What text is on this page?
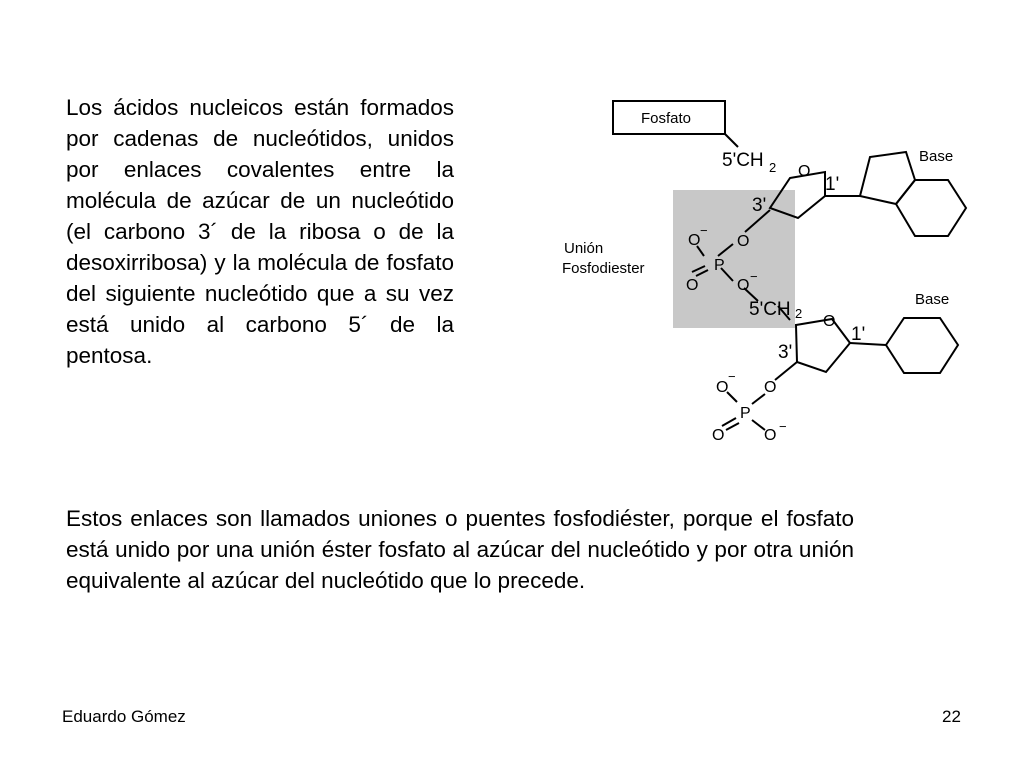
Los ácidos nucleicos están formados por cadenas de nucleótidos, unidos por enlaces covalentes entre la molécula de azúcar de un nucleótido (el carbono 3´ de la ribosa o de la desoxirribosa) y la molécula de fosfato del siguiente nucleótido que a su vez está unido al carbono 5´ de la pentosa.

Fosfato
5'CH 2 O
1'
Base
3'
Unión
Fosfodiester
O
−
O
P
O O
−
5'CH 2 O
1'
Base
3'
O
−
O
P
O O
−

Estos enlaces son llamados uniones o puentes fosfodiéster, porque el fosfato está unido por una unión éster fosfato al azúcar del nucleótido y por otra unión equivalente al azúcar del nucleótido que lo precede.

Eduardo Gómez	22
